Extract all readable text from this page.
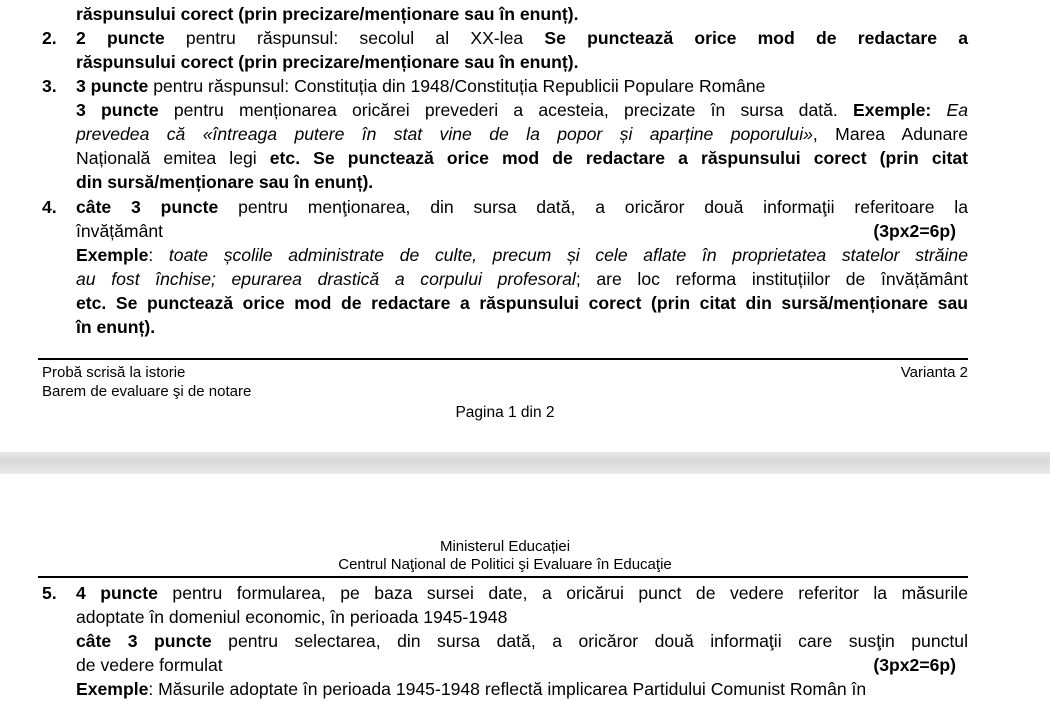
răspunsului corect (prin precizare/menționare sau în enunț).
2. 2 puncte pentru răspunsul: secolul al XX-lea Se punctează orice mod de redactare a
răspunsului corect (prin precizare/menționare sau în enunț).
3. 3 puncte pentru răspunsul: Constituția din 1948/Constituția Republicii Populare Române
3 puncte pentru menționarea oricărei prevederi a acesteia, precizate în sursa dată. Exemple: Ea
prevedea că «întreaga putere în stat vine de la popor și aparține poporului», Marea Adunare
Națională emitea legi etc. Se punctează orice mod de redactare a răspunsului corect (prin citat
din sursă/menționare sau în enunț).
4. câte 3 puncte pentru menţionarea, din sursa dată, a oricăror două informaţii referitoare la
învățământ	(3px2=6p)
Exemple: toate școlile administrate de culte, precum și cele aflate în proprietatea statelor străine
au fost închise; epurarea drastică a corpului profesoral; are loc reforma instituțiilor de învățământ
etc. Se punctează orice mod de redactare a răspunsului corect (prin citat din sursă/menționare sau
în enunț).
Probă scrisă la istorie	Varianta 2
Barem de evaluare şi de notare
Pagina 1 din 2
Ministerul Educației
Centrul Naţional de Politici şi Evaluare în Educaţie
5. 4 puncte pentru formularea, pe baza sursei date, a oricărui punct de vedere referitor la măsurile
adoptate în domeniul economic, în perioada 1945-1948
câte 3 puncte pentru selectarea, din sursa dată, a oricăror două informaţii care susţin punctul
de vedere formulat	(3px2=6p)
Exemple: Măsurile adoptate în perioada 1945-1948 reflectă implicarea Partidului Comunist Român în
